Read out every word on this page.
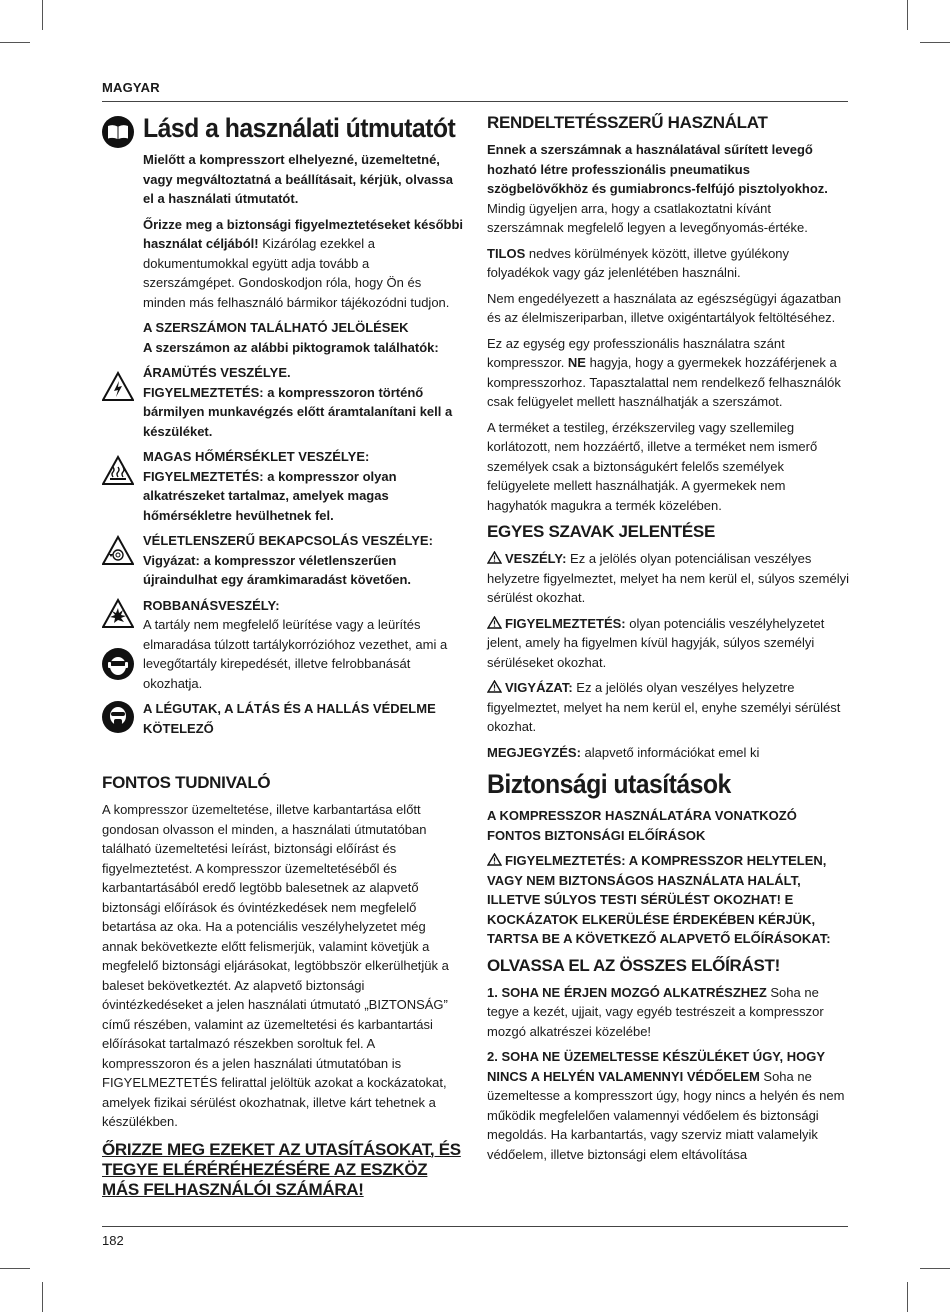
MAGYAR
182
Lásd a használati útmutatót

Mielőtt a kompresszort elhelyezné, üzemeltetné, vagy megváltoztatná a beállításait, kérjük, olvassa el a használati útmutatót.

Őrizze meg a biztonsági figyelmeztetéseket későbbi használat céljából! Kizárólag ezekkel a dokumentumokkal együtt adja tovább a szerszámgépet. Gondoskodjon róla, hogy Ön és minden más felhasználó bármikor tájékozódni tudjon.

A SZERSZÁMON TALÁLHATÓ JELÖLÉSEK

A szerszámon az alábbi piktogramok találhatók:

ÁRAMÜTÉS VESZÉLYE.

FIGYELMEZTETÉS: a kompresszoron történő bármilyen munkavégzés előtt áramtalanítani kell a készüléket.

MAGAS HŐMÉRSÉKLET VESZÉLYE:

FIGYELMEZTETÉS: a kompresszor olyan alkatrészeket tartalmaz, amelyek magas hőmérsékletre hevülhetnek fel.

VÉLETLENSZERŰ BEKAPCSOLÁS VESZÉLYE:

Vigyázat: a kompresszor véletlenszerűen újraindulhat egy áramkimaradást követően.

ROBBANÁSVESZÉLY:

A tartály nem megfelelő leürítése vagy a leürítés elmaradása túlzott tartálykorrózióhoz vezethet, ami a levegőtartály kirepedését, illetve felrobbanását okozhatja.

A LÉGUTAK, A LÁTÁS ÉS A HALLÁS VÉDELME KÖTELEZŐ

FONTOS TUDNIVALÓ

A kompresszor üzemeltetése, illetve karbantartása előtt gondosan olvasson el minden, a használati útmutatóban található üzemeltetési leírást, biztonsági előírást és figyelmeztetést. A kompresszor üzemeltetéséből és karbantartásából eredő legtöbb balesetnek az alapvető biztonsági előírások és óvintézkedések nem megfelelő betartása az oka. Ha a potenciális veszélyhelyzetet még annak bekövetkezte előtt felismerjük, valamint követjük a megfelelő biztonsági eljárásokat, legtöbbször elkerülhetjük a baleset bekövetkeztét. Az alapvető biztonsági óvintézkedéseket a jelen használati útmutató „BIZTONSÁG” című részében, valamint az üzemeltetési és karbantartási előírásokat tartalmazó részekben soroltuk fel. A kompresszoron és a jelen használati útmutatóban is FIGYELMEZTETÉS felirattal jelöltük azokat a kockázatokat, amelyek fizikai sérülést okozhatnak, illetve kárt tehetnek a készülékben.

ŐRIZZE MEG EZEKET AZ UTASÍTÁSOKAT, ÉS TEGYE ELÉRÉRÉHEZÉSÉRE AZ ESZKÖZ MÁS FELHASZNÁLÓI SZÁMÁRA!
RENDELTETÉSSZERŰ HASZNÁLAT

Ennek a szerszámnak a használatával sűrített levegő hozható létre professzionális pneumatikus szögbelövőkhöz és gumiabroncs-felfújó pisztolyokhoz. Mindig ügyeljen arra, hogy a csatlakoztatni kívánt szerszámnak megfelelő legyen a levegőnyomás-értéke.

TILOS nedves körülmények között, illetve gyúlékony folyadékok vagy gáz jelenlétében használni.

Nem engedélyezett a használata az egészségügyi ágazatban és az élelmiszeriparban, illetve oxigéntartályok feltöltéséhez.

Ez az egység egy professzionális használatra szánt kompresszor. NE hagyja, hogy a gyermekek hozzáférjenek a kompresszorhoz. Tapasztalattal nem rendelkező felhasználók csak felügyelet mellett használhatják a szerszámot.

A terméket a testileg, érzékszervileg vagy szellemileg korlátozott, nem hozzáértő, illetve a terméket nem ismerő személyek csak a biztonságukért felelős személyek felügyelete mellett használhatják. A gyermekek nem hagyhatók magukra a termék közelében.

EGYES SZAVAK JELENTÉSE

VESZÉLY: Ez a jelölés olyan potenciálisan veszélyes helyzetre figyelmeztet, melyet ha nem kerül el, súlyos személyi sérülést okozhat.

FIGYELMEZTETÉS: olyan potenciális veszélyhelyzetet jelent, amely ha figyelmen kívül hagyják, súlyos személyi sérüléseket okozhat.

VIGYÁZAT: Ez a jelölés olyan veszélyes helyzetre figyelmeztet, melyet ha nem kerül el, enyhe személyi sérülést okozhat.

MEGJEGYZÉS: alapvető információkat emel ki

Biztonsági utasítások

A KOMPRESSZOR HASZNÁLATÁRA VONATKOZÓ FONTOS BIZTONSÁGI ELŐÍRÁSOK

FIGYELMEZTETÉS: A KOMPRESSZOR HELYTELEN, VAGY NEM BIZTONSÁGOS HASZNÁLATA HALÁLT, ILLETVE SÚLYOS TESTI SÉRÜLÉST OKOZHAT! E KOCKÁZATOK ELKERÜLÉSE ÉRDEKÉBEN KÉRJÜK, TARTSA BE A KÖVETKEZŐ ALAPVETŐ ELŐÍRÁSOKAT:

OLVASSA EL AZ ÖSSZES ELŐÍRÁST!

1. SOHA NE ÉRJEN MOZGÓ ALKATRÉSZHEZ Soha ne tegye a kezét, ujjait, vagy egyéb testrészeit a kompresszor mozgó alkatrészei közelébe!

2. SOHA NE ÜZEMELTESSE KÉSZÜLÉKET ÚGY, HOGY NINCS A HELYÉN VALAMENNYI VÉDŐELEM Soha ne üzemeltesse a kompresszort úgy, hogy nincs a helyén és nem működik megfelelően valamennyi védőelem és biztonsági megoldás. Ha karbantartás, vagy szerviz miatt valamelyik védőelem, illetve biztonsági elem eltávolítása
